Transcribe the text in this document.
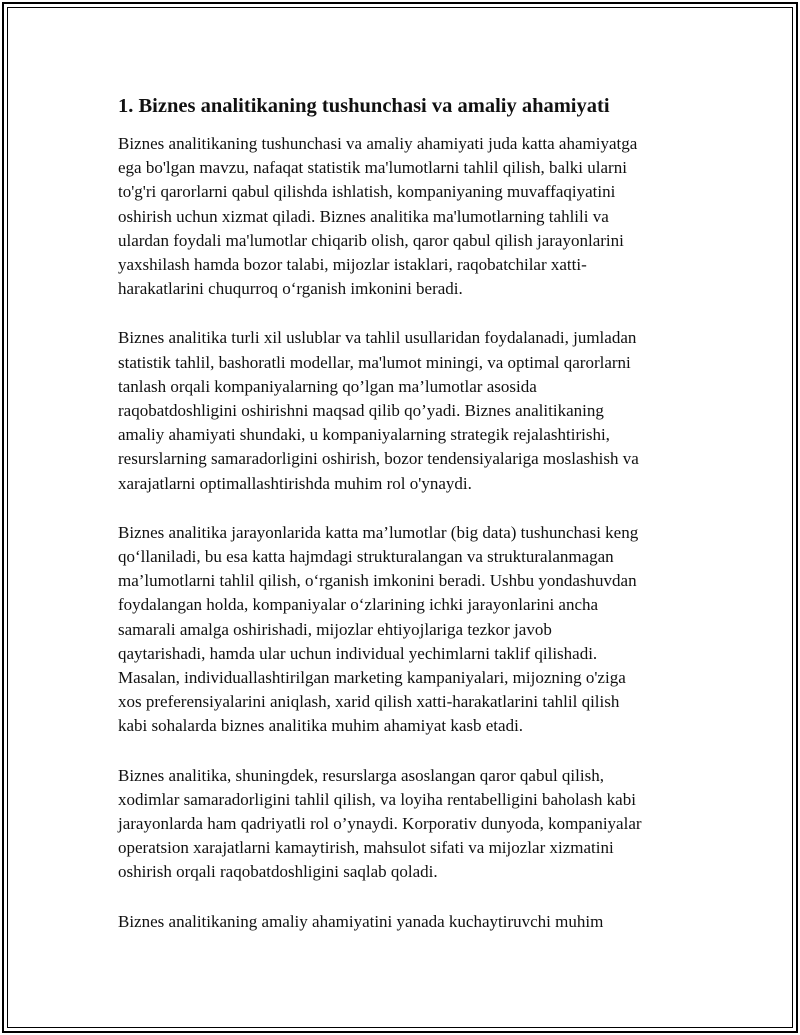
1. Biznes analitikaning tushunchasi va amaliy ahamiyati
Biznes analitikaning tushunchasi va amaliy ahamiyati juda katta ahamiyatga
ega bo'lgan mavzu, nafaqat statistik ma'lumotlarni tahlil qilish, balki ularni
to'g'ri qarorlarni qabul qilishda ishlatish, kompaniyaning muvaffaqiyatini
oshirish uchun xizmat qiladi. Biznes analitika ma'lumotlarning tahlili va
ulardan foydali ma'lumotlar chiqarib olish, qaror qabul qilish jarayonlarini
yaxshilash hamda bozor talabi, mijozlar istaklari, raqobatchilar xatti-
harakatlarini chuqurroq o‘rganish imkonini beradi.
Biznes analitika turli xil uslublar va tahlil usullaridan foydalanadi, jumladan
statistik tahlil, bashoratli modellar, ma'lumot miningi, va optimal qarorlarni
tanlash orqali kompaniyalarning qo’lgan ma’lumotlar asosida
raqobatdoshligini oshirishni maqsad qilib qo’yadi. Biznes analitikaning
amaliy ahamiyati shundaki, u kompaniyalarning strategik rejalashtirishi,
resurslarning samaradorligini oshirish, bozor tendensiyalariga moslashish va
xarajatlarni optimallashtirishda muhim rol o'ynaydi.
Biznes analitika jarayonlarida katta ma’lumotlar (big data) tushunchasi keng
qo‘llaniladi, bu esa katta hajmdagi strukturalangan va strukturalanmagan
ma’lumotlarni tahlil qilish, o‘rganish imkonini beradi. Ushbu yondashuvdan
foydalangan holda, kompaniyalar o‘zlarining ichki jarayonlarini ancha
samarali amalga oshirishadi, mijozlar ehtiyojlariga tezkor javob
qaytarishadi, hamda ular uchun individual yechimlarni taklif qilishadi.
Masalan, individuallashtirilgan marketing kampaniyalari, mijozning o'ziga
xos preferensiyalarini aniqlash, xarid qilish xatti-harakatlarini tahlil qilish
kabi sohalarda biznes analitika muhim ahamiyat kasb etadi.
Biznes analitika, shuningdek, resurslarga asoslangan qaror qabul qilish,
xodimlar samaradorligini tahlil qilish, va loyiha rentabelligini baholash kabi
jarayonlarda ham qadriyatli rol o’ynaydi. Korporativ dunyoda, kompaniyalar
operatsion xarajatlarni kamaytirish, mahsulot sifati va mijozlar xizmatini
oshirish orqali raqobatdoshligini saqlab qoladi.
Biznes analitikaning amaliy ahamiyatini yanada kuchaytiruvchi muhim
